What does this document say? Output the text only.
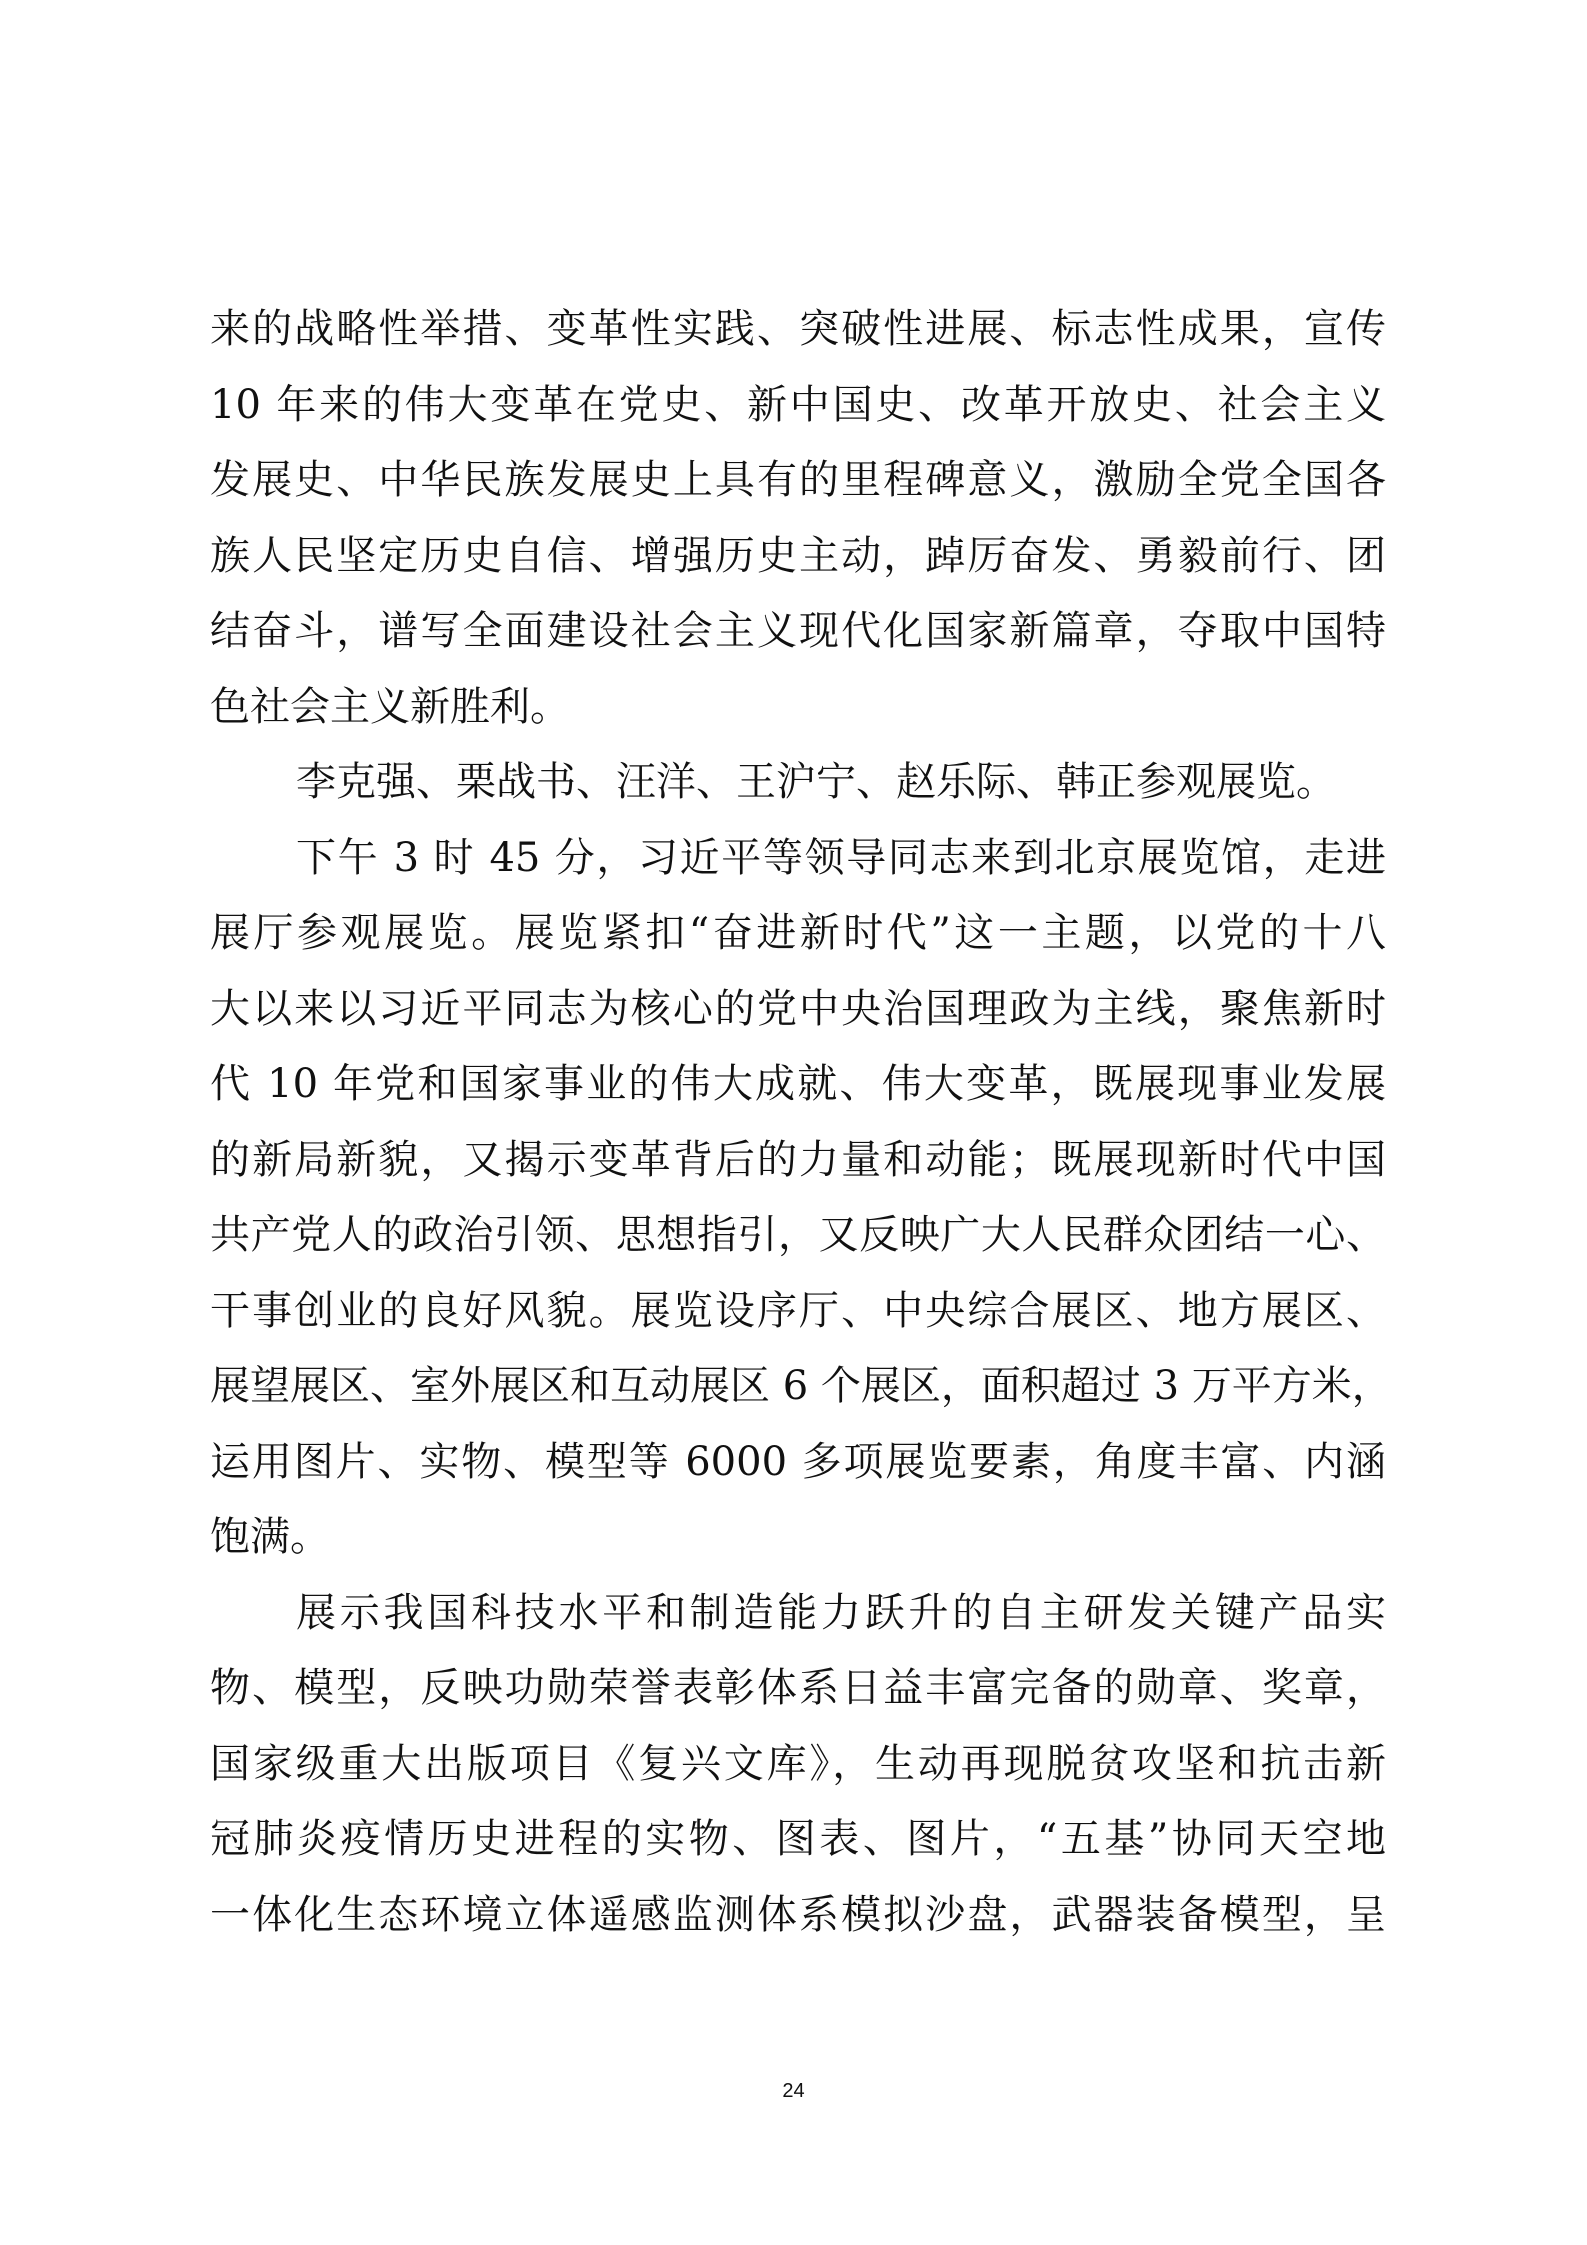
来的战略性举措、变革性实践、突破性进展、标志性成果，宣传
10 年来的伟大变革在党史、新中国史、改革开放史、社会主义
发展史、中华民族发展史上具有的里程碑意义，激励全党全国各
族人民坚定历史自信、增强历史主动，踔厉奋发、勇毅前行、团
结奋斗，谱写全面建设社会主义现代化国家新篇章，夺取中国特
色社会主义新胜利。
李克强、栗战书、汪洋、王沪宁、赵乐际、韩正参观展览。
下午 3 时 45 分，习近平等领导同志来到北京展览馆，走进
展厅参观展览。展览紧扣“奋进新时代”这一主题，以党的十八
大以来以习近平同志为核心的党中央治国理政为主线，聚焦新时
代 10 年党和国家事业的伟大成就、伟大变革，既展现事业发展
的新局新貌，又揭示变革背后的力量和动能；既展现新时代中国
共产党人的政治引领、思想指引，又反映广大人民群众团结一心、
干事创业的良好风貌。展览设序厅、中央综合展区、地方展区、
展望展区、室外展区和互动展区 6 个展区，面积超过 3 万平方米，
运用图片、实物、模型等 6000 多项展览要素，角度丰富、内涵
饱满。
展示我国科技水平和制造能力跃升的自主研发关键产品实
物、模型，反映功勋荣誉表彰体系日益丰富完备的勋章、奖章，
国家级重大出版项目《复兴文库》，生动再现脱贫攻坚和抗击新
冠肺炎疫情历史进程的实物、图表、图片，“五基”协同天空地
一体化生态环境立体遥感监测体系模拟沙盘，武器装备模型，呈
24
